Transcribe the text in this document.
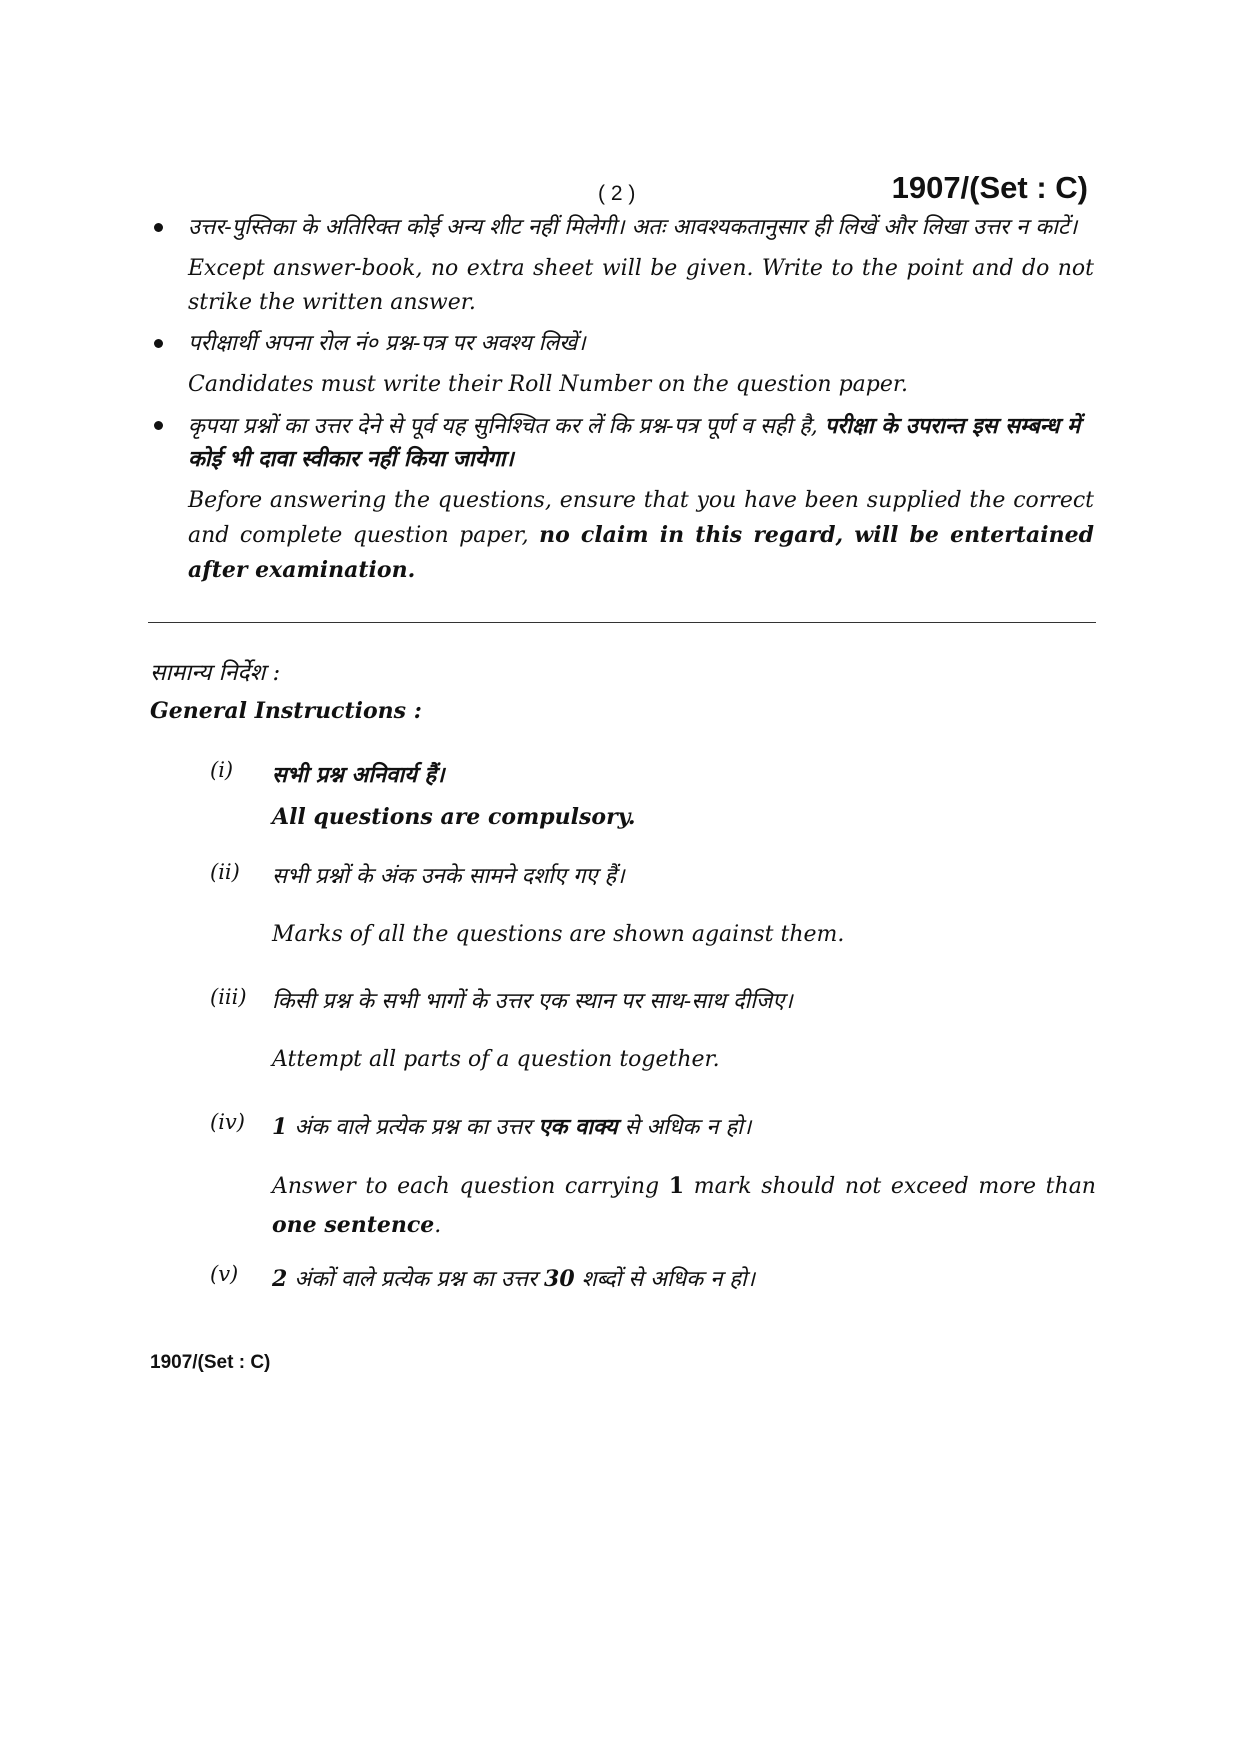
( 2 )	1907/(Set : C)

उत्तर-पुस्तिका के अतिरिक्त कोई अन्य शीट नहीं मिलेगी। अतः आवश्यकतानुसार ही लिखें और लिखा उत्तर न काटें।

Except answer-book, no extra sheet will be given. Write to the point and do not strike the written answer.

परीक्षार्थी अपना रोल नं० प्रश्न-पत्र पर अवश्य लिखें।

Candidates must write their Roll Number on the question paper.

कृपया प्रश्नों का उत्तर देने से पूर्व यह सुनिश्चित कर लें कि प्रश्न-पत्र पूर्ण व सही है, परीक्षा के उपरान्त इस सम्बन्ध में कोई भी दावा स्वीकार नहीं किया जायेगा।

Before answering the questions, ensure that you have been supplied the correct and complete question paper, no claim in this regard, will be entertained after examination.

सामान्य निर्देश :
General Instructions :
(i) सभी प्रश्न अनिवार्य हैं।

All questions are compulsory.

(ii) सभी प्रश्नों के अंक उनके सामने दर्शाए गए हैं।

Marks of all the questions are shown against them.

(iii) किसी प्रश्न के सभी भागों के उत्तर एक स्थान पर साथ-साथ दीजिए।

Attempt all parts of a question together.

(iv) 1 अंक वाले प्रत्येक प्रश्न का उत्तर एक वाक्य से अधिक न हो।

Answer to each question carrying 1 mark should not exceed more than one sentence.

(v) 2 अंकों वाले प्रत्येक प्रश्न का उत्तर 30 शब्दों से अधिक न हो।

1907/(Set : C)
